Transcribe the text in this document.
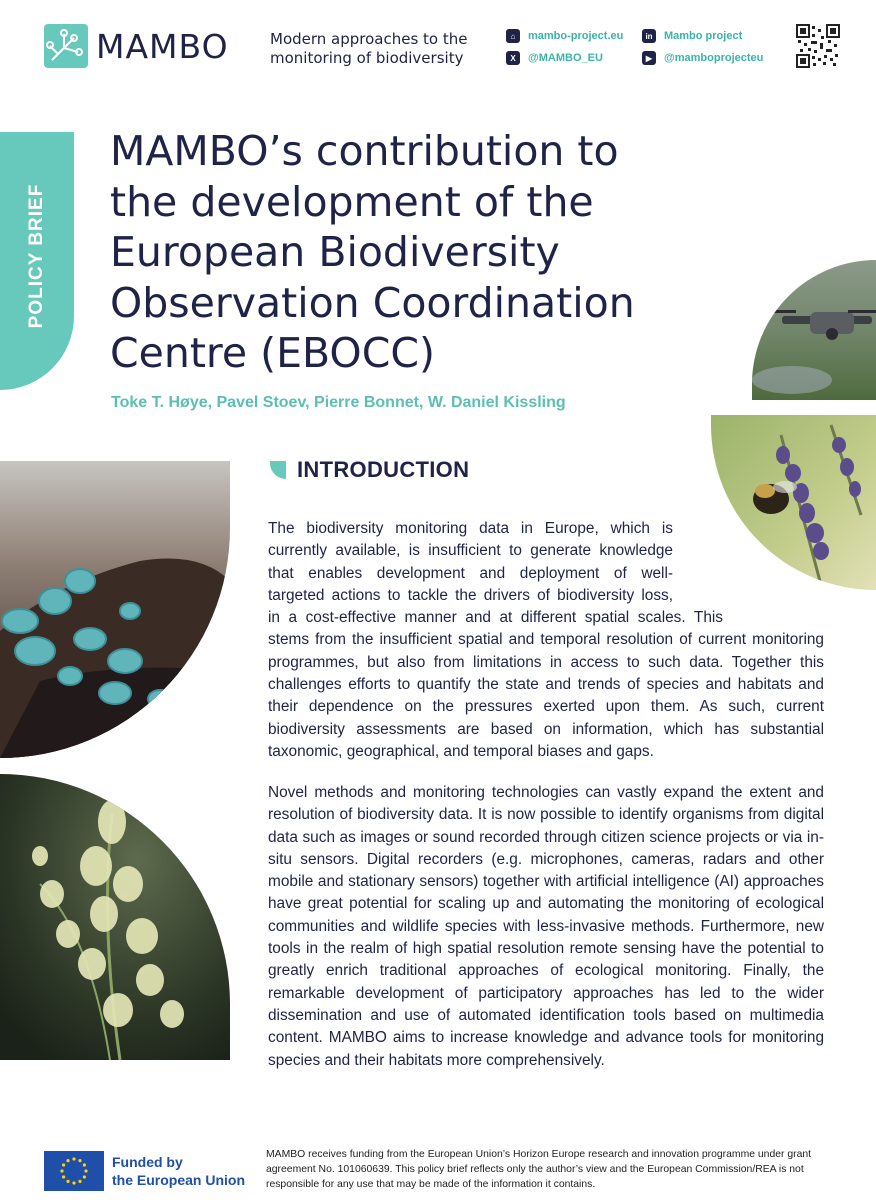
MAMBO	Modern approaches to the
monitoring of biodiversity
⌂	mambo-project.eu
X	@MAMBO_EU
in	Mambo project
▶	@mamboprojecteu
POLICY BRIEF
MAMBO’s contribution to
the development of the
European Biodiversity
Observation Coordination
Centre (EBOCC)
Toke T. Høye, Pavel Stoev, Pierre Bonnet, W. Daniel Kissling
INTRODUCTION

The biodiversity monitoring data in Europe, which is
currently available, is insufficient to generate knowledge
that enables development and deployment of well-
targeted actions to tackle the drivers of biodiversity loss,
in a cost-effective manner and at different spatial scales. This
stems from the insufficient spatial and temporal resolution of current monitoring programmes, but also from limitations in access to such data. Together this challenges efforts to quantify the state and trends of species and habitats and their dependence on the pressures exerted upon them. As such, current biodiversity assessments are based on information, which has substantial taxonomic, geographical, and temporal biases and gaps.

Novel methods and monitoring technologies can vastly expand the extent and resolution of biodiversity data. It is now possible to identify organisms from digital data such as images or sound recorded through citizen science projects or via in-situ sensors. Digital recorders (e.g. microphones, cameras, radars and other mobile and stationary sensors) together with artificial intelligence (AI) approaches have great potential for scaling up and automating the monitoring of ecological communities and wildlife species with less-invasive methods. Furthermore, new tools in the realm of high spatial resolution remote sensing have the potential to greatly enrich traditional approaches of ecological monitoring. Finally, the remarkable development of participatory approaches has led to the wider dissemination and use of automated identification tools based on multimedia content. MAMBO aims to increase knowledge and advance tools for monitoring species and their habitats more comprehensively.

Funded by
the European Union

MAMBO receives funding from the European Union’s Horizon Europe research and innovation programme under grant agreement No. 101060639. This policy brief reflects only the author’s view and the European Commission/REA is not responsible for any use that may be made of the information it contains.
